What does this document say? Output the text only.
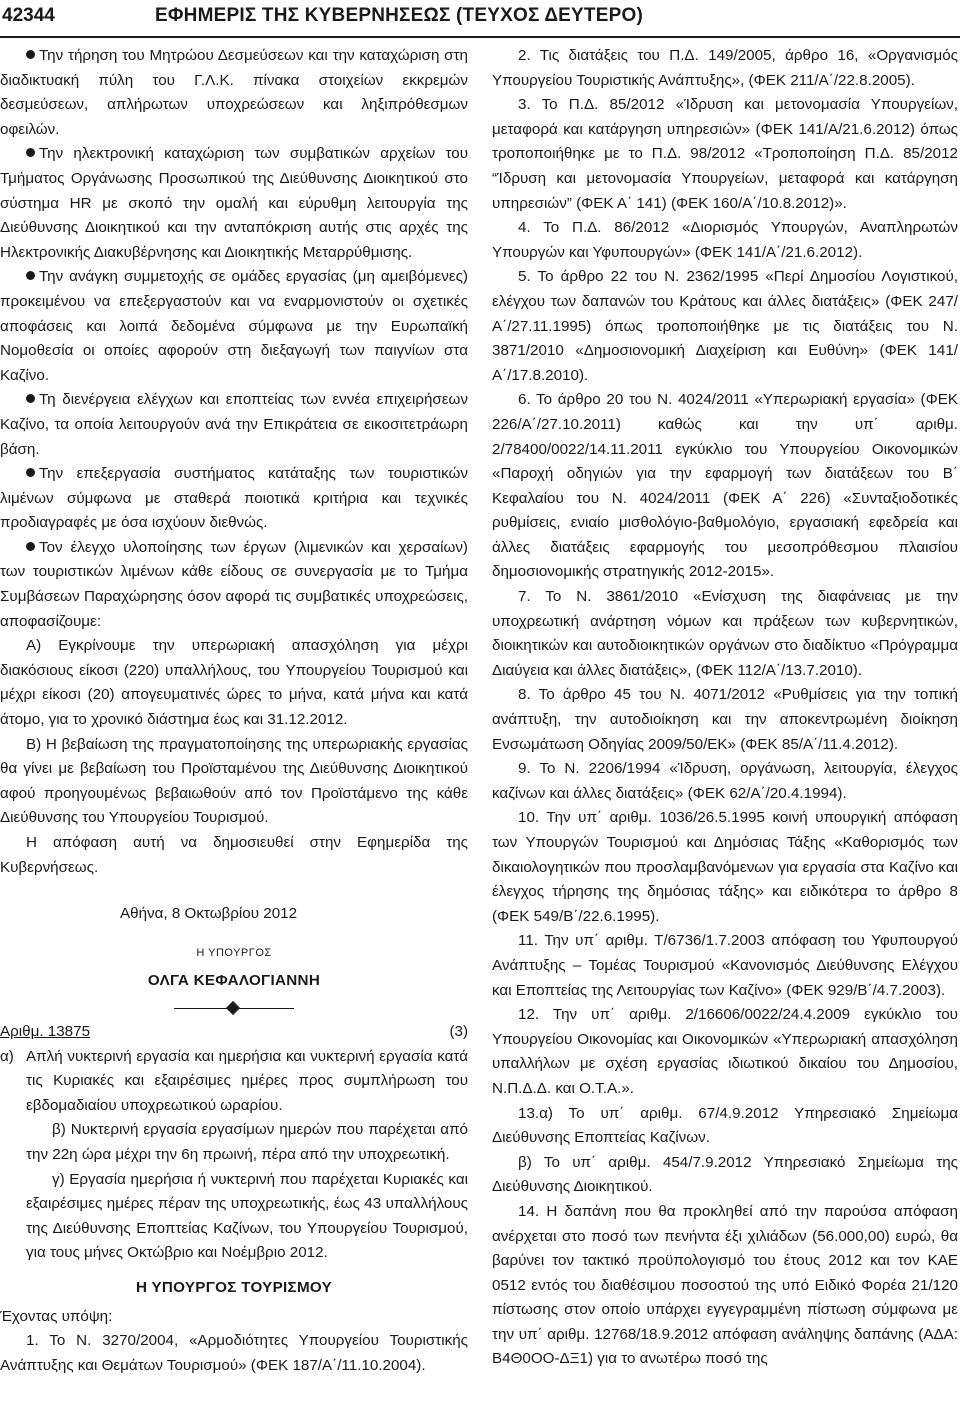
42344	ΕΦΗΜΕΡΙΣ ΤΗΣ ΚΥΒΕΡΝΗΣΕΩΣ (ΤΕΥΧΟΣ ΔΕΥΤΕΡΟ)

Την τήρηση του Μητρώου Δεσμεύσεων και την καταχώριση στη διαδικτυακή πύλη του Γ.Λ.Κ. πίνακα στοιχείων εκκρεμών δεσμεύσεων, απλήρωτων υποχρεώσεων και ληξιπρόθεσμων οφειλών.

Την ηλεκτρονική καταχώριση των συμβατικών αρχείων του Τμήματος Οργάνωσης Προσωπικού της Διεύθυνσης Διοικητικού στο σύστημα HR με σκοπό την ομαλή και εύρυθμη λειτουργία της Διεύθυνσης Διοικητικού και την ανταπόκριση αυτής στις αρχές της Ηλεκτρονικής Διακυβέρνησης και Διοικητικής Μεταρρύθμισης.

Την ανάγκη συμμετοχής σε ομάδες εργασίας (μη αμειβόμενες) προκειμένου να επεξεργαστούν και να εναρμονιστούν οι σχετικές αποφάσεις και λοιπά δεδομένα σύμφωνα με την Ευρωπαϊκή Νομοθεσία οι οποίες αφορούν στη διεξαγωγή των παιγνίων στα Καζίνο.

Τη διενέργεια ελέγχων και εποπτείας των εννέα επιχειρήσεων Καζίνο, τα οποία λειτουργούν ανά την Επικράτεια σε εικοσιτετράωρη βάση.

Την επεξεργασία συστήματος κατάταξης των τουριστικών λιμένων σύμφωνα με σταθερά ποιοτικά κριτήρια και τεχνικές προδιαγραφές με όσα ισχύουν διεθνώς.

Τον έλεγχο υλοποίησης των έργων (λιμενικών και χερσαίων) των τουριστικών λιμένων κάθε είδους σε συνεργασία με το Τμήμα Συμβάσεων Παραχώρησης όσον αφορά τις συμβατικές υποχρεώσεις, αποφασίζουμε:

Α) Εγκρίνουμε την υπερωριακή απασχόληση για μέχρι διακόσιους είκοσι (220) υπαλλήλους, του Υπουργείου Τουρισμού και μέχρι είκοσι (20) απογευματινές ώρες το μήνα, κατά μήνα και κατά άτομο, για το χρονικό διάστημα έως και 31.12.2012.

Β) Η βεβαίωση της πραγματοποίησης της υπερωριακής εργασίας θα γίνει με βεβαίωση του Προϊσταμένου της Διεύθυνσης Διοικητικού αφού προηγουμένως βεβαιωθούν από τον Προϊστάμενο της κάθε Διεύθυνσης του Υπουργείου Τουρισμού.

Η απόφαση αυτή να δημοσιευθεί στην Εφημερίδα της Κυβερνήσεως.

Αθήνα, 8 Οκτωβρίου 2012

Η ΥΠΟΥΡΓΟΣ

ΟΛΓΑ ΚΕΦΑΛΟΓΙΑΝΝΗ

Αριθμ. 13875	(3)

α) Απλή νυκτερινή εργασία και ημερήσια και νυκτερινή εργασία κατά τις Κυριακές και εξαιρέσιμες ημέρες προς συμπλήρωση του εβδομαδιαίου υποχρεωτικού ωραρίου.

β) Νυκτερινή εργασία εργασίμων ημερών που παρέχεται από την 22η ώρα μέχρι την 6η πρωινή, πέρα από την υποχρεωτική.

γ) Εργασία ημερήσια ή νυκτερινή που παρέχεται Κυριακές και εξαιρέσιμες ημέρες πέραν της υποχρεωτικής, έως 43 υπαλλήλους της Διεύθυνσης Εποπτείας Καζίνων, του Υπουργείου Τουρισμού, για τους μήνες Οκτώβριο και Νοέμβριο 2012.

Η ΥΠΟΥΡΓΟΣ ΤΟΥΡΙΣΜΟΥ

Έχοντας υπόψη:

1. Το Ν. 3270/2004, «Αρμοδιότητες Υπουργείου Τουριστικής Ανάπτυξης και Θεμάτων Τουρισμού» (ΦΕΚ 187/Α΄/11.10.2004).

2. Τις διατάξεις του Π.Δ. 149/2005, άρθρο 16, «Οργανισμός Υπουργείου Τουριστικής Ανάπτυξης», (ΦΕΚ 211/Α΄/22.8.2005).

3. Το Π.Δ. 85/2012 «Ίδρυση και μετονομασία Υπουργείων, μεταφορά και κατάργηση υπηρεσιών» (ΦΕΚ 141/Α/21.6.2012) όπως τροποποιήθηκε με το Π.Δ. 98/2012 «Τροποποίηση Π.Δ. 85/2012 “Ίδρυση και μετονομασία Υπουργείων, μεταφορά και κατάργηση υπηρεσιών” (ΦΕΚ Α΄ 141) (ΦΕΚ 160/Α΄/10.8.2012)».

4. Το Π.Δ. 86/2012 «Διορισμός Υπουργών, Αναπληρωτών Υπουργών και Υφυπουργών» (ΦΕΚ 141/Α΄/21.6.2012).

5. Το άρθρο 22 του Ν. 2362/1995 «Περί Δημοσίου Λογιστικού, ελέγχου των δαπανών του Κράτους και άλλες διατάξεις» (ΦΕΚ 247/Α΄/27.11.1995) όπως τροποποιήθηκε με τις διατάξεις του Ν. 3871/2010 «Δημοσιονομική Διαχείριση και Ευθύνη» (ΦΕΚ 141/Α΄/17.8.2010).

6. Το άρθρο 20 του Ν. 4024/2011 «Υπερωριακή εργασία» (ΦΕΚ 226/Α΄/27.10.2011) καθώς και την υπ΄ αριθμ. 2/78400/0022/14.11.2011 εγκύκλιο του Υπουργείου Οικονομικών «Παροχή οδηγιών για την εφαρμογή των διατάξεων του Β΄ Κεφαλαίου του Ν. 4024/2011 (ΦΕΚ Α΄ 226) «Συνταξιοδοτικές ρυθμίσεις, ενιαίο μισθολόγιο-βαθμολόγιο, εργασιακή εφεδρεία και άλλες διατάξεις εφαρμογής του μεσοπρόθεσμου πλαισίου δημοσιονομικής στρατηγικής 2012-2015».

7. Το Ν. 3861/2010 «Ενίσχυση της διαφάνειας με την υποχρεωτική ανάρτηση νόμων και πράξεων των κυβερνητικών, διοικητικών και αυτοδιοικητικών οργάνων στο διαδίκτυο «Πρόγραμμα Διαύγεια και άλλες διατάξεις», (ΦΕΚ 112/Α΄/13.7.2010).

8. Το άρθρο 45 του Ν. 4071/2012 «Ρυθμίσεις για την τοπική ανάπτυξη, την αυτοδιοίκηση και την αποκεντρωμένη διοίκηση Ενσωμάτωση Οδηγίας 2009/50/ΕΚ» (ΦΕΚ 85/Α΄/11.4.2012).

9. Το Ν. 2206/1994 «Ίδρυση, οργάνωση, λειτουργία, έλεγχος καζίνων και άλλες διατάξεις» (ΦΕΚ 62/Α΄/20.4.1994).

10. Την υπ΄ αριθμ. 1036/26.5.1995 κοινή υπουργική απόφαση των Υπουργών Τουρισμού και Δημόσιας Τάξης «Καθορισμός των δικαιολογητικών που προσλαμβανόμενων για εργασία στα Καζίνο και έλεγχος τήρησης της δημόσιας τάξης» και ειδικότερα το άρθρο 8 (ΦΕΚ 549/Β΄/22.6.1995).

11. Την υπ΄ αριθμ. Τ/6736/1.7.2003 απόφαση του Υφυπουργού Ανάπτυξης – Τομέας Τουρισμού «Κανονισμός Διεύθυνσης Ελέγχου και Εποπτείας της Λειτουργίας των Καζίνο» (ΦΕΚ 929/Β΄/4.7.2003).

12. Την υπ΄ αριθμ. 2/16606/0022/24.4.2009 εγκύκλιο του Υπουργείου Οικονομίας και Οικονομικών «Υπερωριακή απασχόληση υπαλλήλων με σχέση εργασίας ιδιωτικού δικαίου του Δημοσίου, Ν.Π.Δ.Δ. και Ο.Τ.Α.».

13.α) Το υπ΄ αριθμ. 67/4.9.2012 Υπηρεσιακό Σημείωμα Διεύθυνσης Εποπτείας Καζίνων.

β) Το υπ΄ αριθμ. 454/7.9.2012 Υπηρεσιακό Σημείωμα της Διεύθυνσης Διοικητικού.

14. Η δαπάνη που θα προκληθεί από την παρούσα απόφαση ανέρχεται στο ποσό των πενήντα έξι χιλιάδων (56.000,00) ευρώ, θα βαρύνει τον τακτικό προϋπολογισμό του έτους 2012 και τον ΚΑΕ 0512 εντός του διαθέσιμου ποσοστού της υπό Ειδικό Φορέα 21/120 πίστωσης στον οποίο υπάρχει εγγεγραμμένη πίστωση σύμφωνα με την υπ΄ αριθμ. 12768/18.9.2012 απόφαση ανάληψης δαπάνης (ΑΔΑ: Β4Θ0ΟΟ-ΔΞ1) για το ανωτέρω ποσό της
